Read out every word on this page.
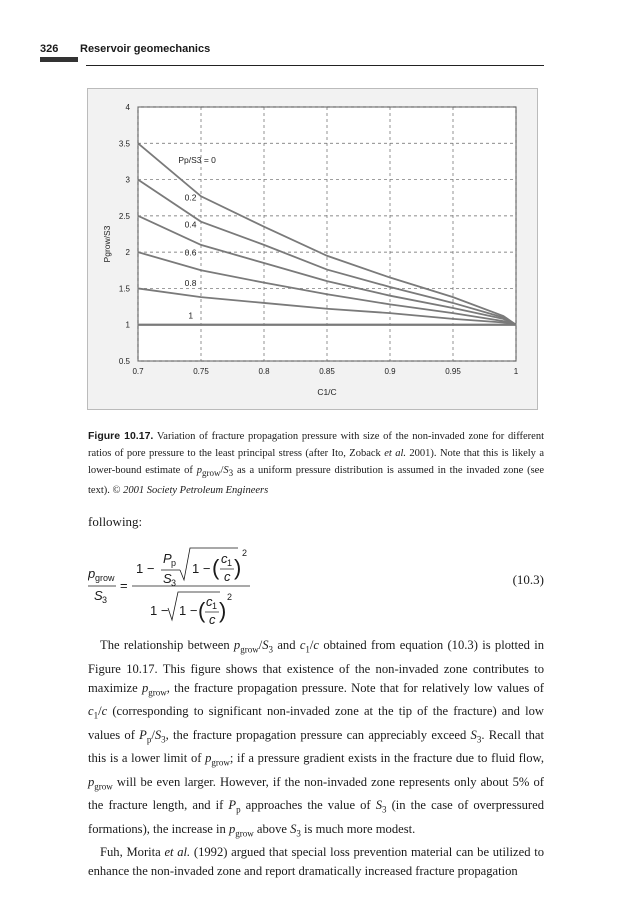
326 Reservoir geomechanics
0.7	0.75	0.8	0.85	0.9	0.95	1
0.5
1
1.5
2
2.5
3
3.5
4
C1/C
Pgrow/S3
Pp/S3 = 0
0.2
0.4
0.6
0.8
1
Figure 10.17. Variation of fracture propagation pressure with size of the non-invaded zone for different ratios of pore pressure to the least principal stress (after Ito, Zoback et al. 2001). Note that this is likely a lower-bound estimate of $p_{grow}/S_3$ as a uniform pressure distribution is assumed in the invaded zone (see text). © 2001 Society Petroleum Engineers
following:
p grow
S 3
=
1 −
P p
S 3
1 − ( c 1
c )
2
1 − 1 − ( c 1
c )
2
(10.3)

The relationship between $p_{grow}/S_3$ and $c_1/c$ obtained from equation (10.3) is plotted in Figure 10.17. This figure shows that existence of the non-invaded zone contributes to maximize $p_{grow}$, the fracture propagation pressure. Note that for relatively low values of $c_1/c$ (corresponding to significant non-invaded zone at the tip of the fracture) and low values of $P_p/S_3$, the fracture propagation pressure can appreciably exceed $S_3$. Recall that this is a lower limit of $p_{grow}$; if a pressure gradient exists in the fracture due to fluid flow, $p_{grow}$ will be even larger. However, if the non-invaded zone represents only about 5% of the fracture length, and if $P_p$ approaches the value of $S_3$ (in the case of overpressured formations), the increase in $p_{grow}$ above $S_3$ is much more modest.

Fuh, Morita et al. (1992) argued that special loss prevention material can be utilized to enhance the non-invaded zone and report dramatically increased fracture propagation
